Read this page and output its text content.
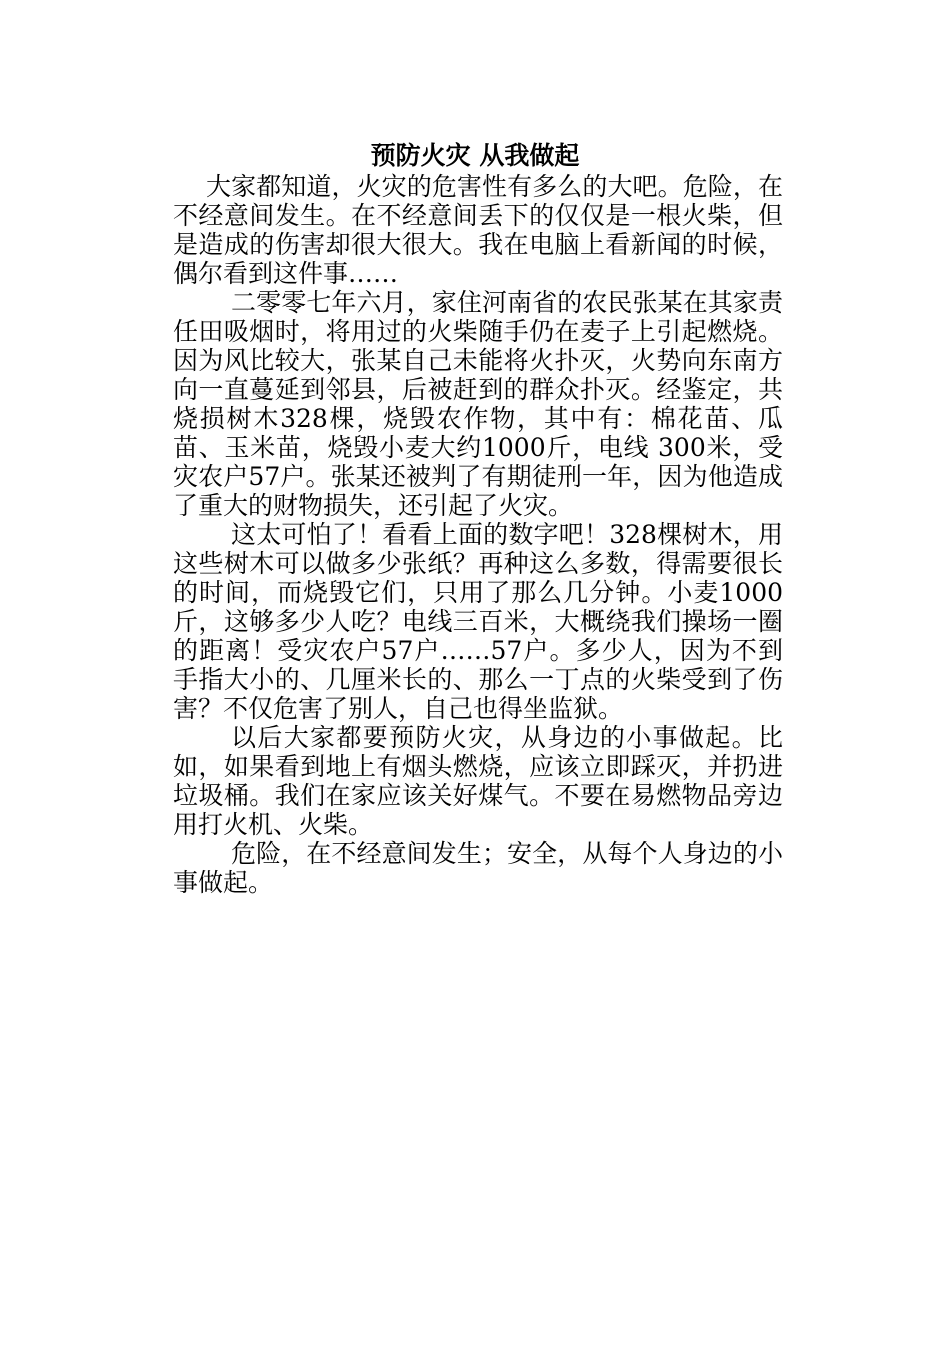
预防火灾 从我做起

大家都知道，火灾的危害性有多么的大吧。危险，在不经意间发生。在不经意间丢下的仅仅是一根火柴，但是造成的伤害却很大很大。我在电脑上看新闻的时候，偶尔看到这件事……

二零零七年六月，家住河南省的农民张某在其家责任田吸烟时，将用过的火柴随手仍在麦子上引起燃烧。因为风比较大，张某自己未能将火扑灭，火势向东南方向一直蔓延到邻县，后被赶到的群众扑灭。经鉴定，共烧损树木328棵，烧毁农作物，其中有：棉花苗、瓜苗、玉米苗，烧毁小麦大约1000斤，电线 300米，受灾农户57户。张某还被判了有期徒刑一年，因为他造成了重大的财物损失，还引起了火灾。

这太可怕了！看看上面的数字吧！328棵树木，用这些树木可以做多少张纸？再种这么多数，得需要很长的时间，而烧毁它们，只用了那么几分钟。小麦1000斤，这够多少人吃？电线三百米，大概绕我们操场一圈的距离！受灾农户57户……57户。多少人，因为不到手指大小的、几厘米长的、那么一丁点的火柴受到了伤害？不仅危害了别人，自己也得坐监狱。

以后大家都要预防火灾，从身边的小事做起。比如，如果看到地上有烟头燃烧，应该立即踩灭，并扔进垃圾桶。我们在家应该关好煤气。不要在易燃物品旁边用打火机、火柴。

危险，在不经意间发生；安全，从每个人身边的小事做起。
